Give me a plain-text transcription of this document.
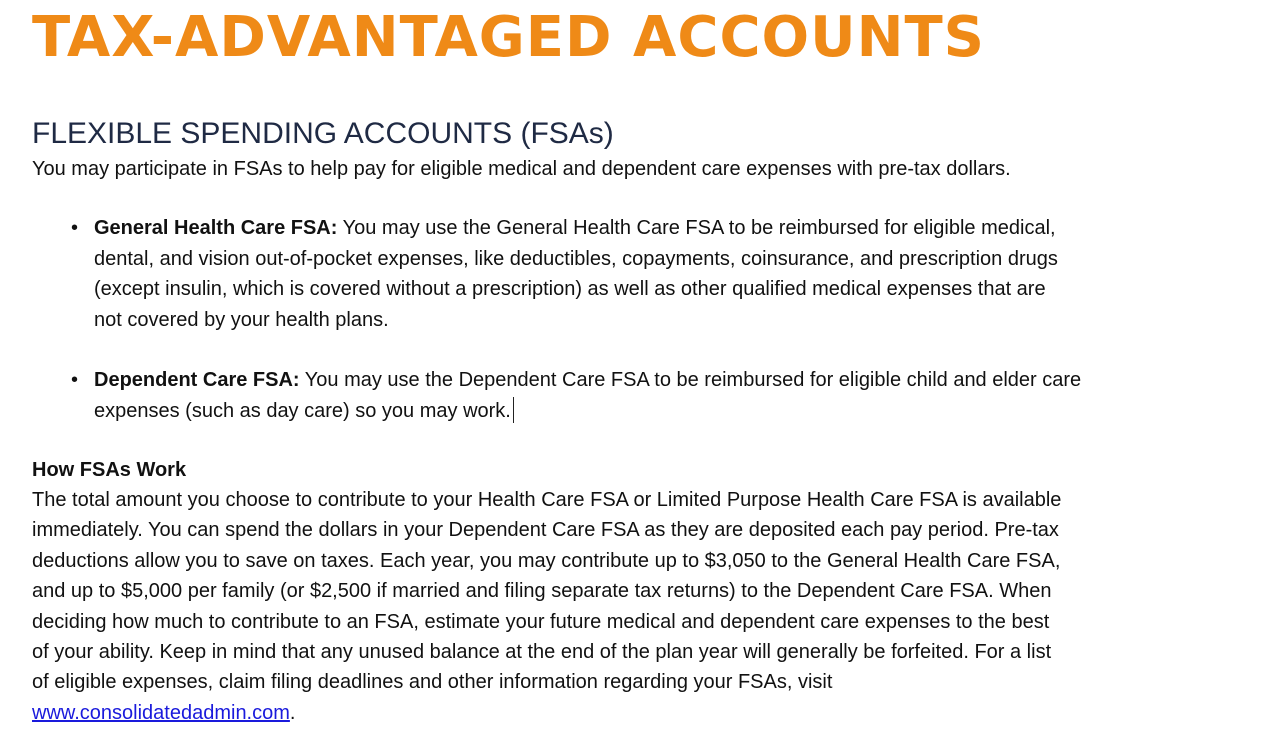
TAX-ADVANTAGED ACCOUNTS
FLEXIBLE SPENDING ACCOUNTS (FSAs)

You may participate in FSAs to help pay for eligible medical and dependent care expenses with pre-tax dollars.

• General Health Care FSA: You may use the General Health Care FSA to be reimbursed for eligible medical,
dental, and vision out-of-pocket expenses, like deductibles, copayments, coinsurance, and prescription drugs
(except insulin, which is covered without a prescription) as well as other qualified medical expenses that are
not covered by your health plans.
• Dependent Care FSA: You may use the Dependent Care FSA to be reimbursed for eligible child and elder care
expenses (such as day care) so you may work.
How FSAs Work

The total amount you choose to contribute to your Health Care FSA or Limited Purpose Health Care FSA is available
immediately. You can spend the dollars in your Dependent Care FSA as they are deposited each pay period. Pre-tax
deductions allow you to save on taxes. Each year, you may contribute up to $3,050 to the General Health Care FSA,
and up to $5,000 per family (or $2,500 if married and filing separate tax returns) to the Dependent Care FSA. When
deciding how much to contribute to an FSA, estimate your future medical and dependent care expenses to the best
of your ability. Keep in mind that any unused balance at the end of the plan year will generally be forfeited. For a list
of eligible expenses, claim filing deadlines and other information regarding your FSAs, visit
www.consolidatedadmin.com.
